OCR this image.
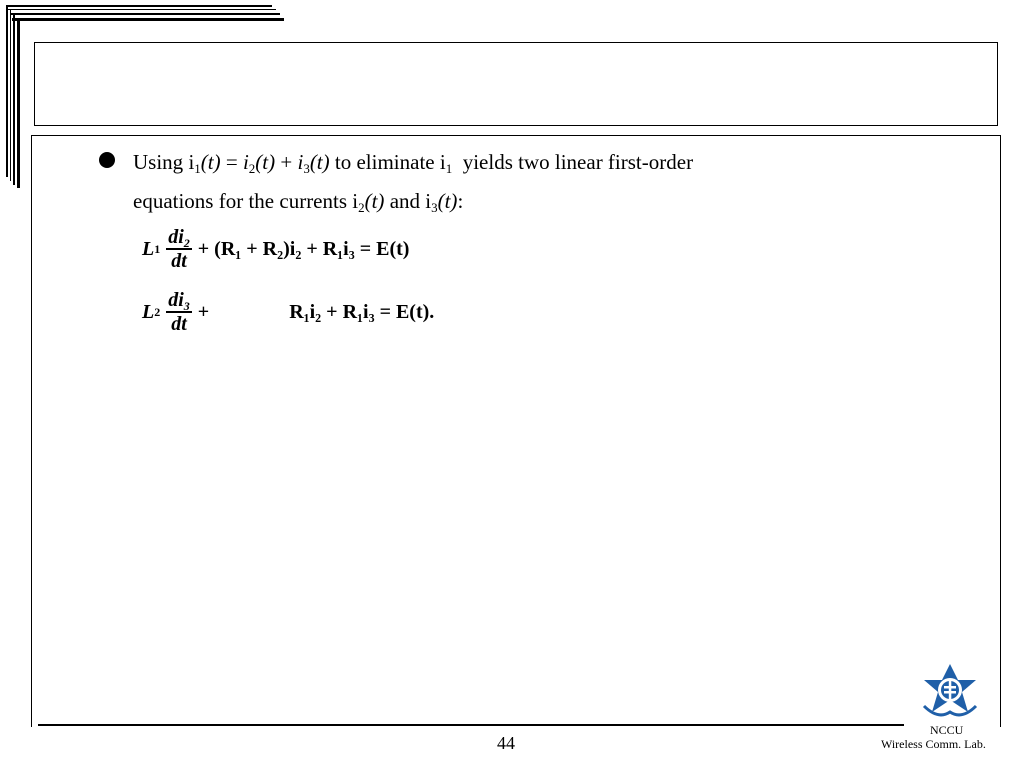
Using $i_1(t) = i_2(t) + i_3(t)$ to eliminate $i_1$ yields two linear first-order
equations for the currents $i_2(t)$ and $i_3(t)$:
L $1 \frac{di_2}{dt} + (R_1 + R_2)i_2 + R_1i_3 = E(t)$
L $2 \frac{di_3}{dt}$ +	R₁i₂ + R₁i₃ = E(t).
44
NCCU
Wireless Comm. Lab.
